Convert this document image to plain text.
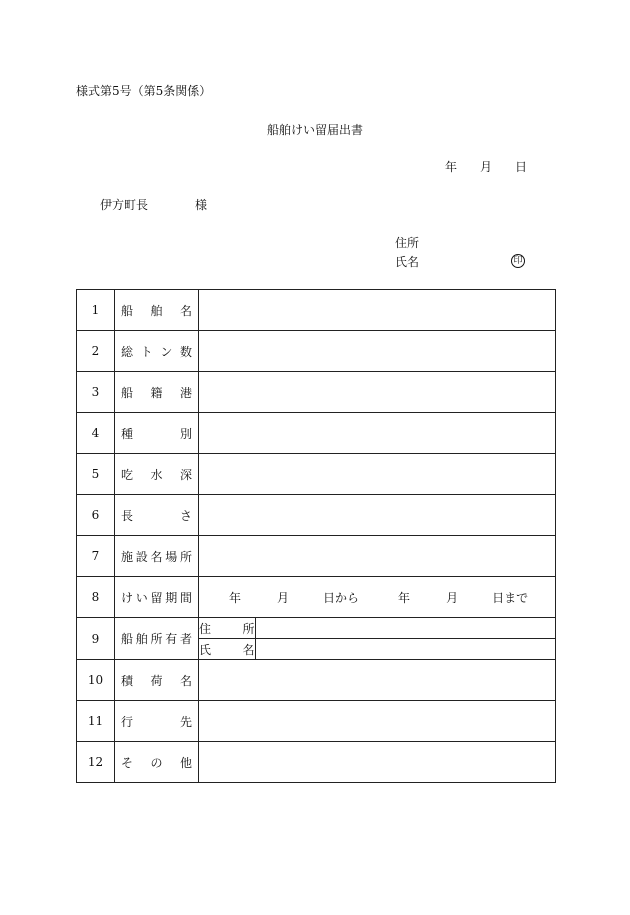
様式第5号（第5条関係）
船舶けい留届出書
年 月 日
伊方町長	様
住所
氏名	印
1	船 舶 名

2	総 ト ン 数

3	船 籍 港

4	種	別

5	吃 水 深

6	長	さ

7	施 設 名 場 所

8	け い 留 期 間	年	月	日から	年	月	日まで

9	船 舶 所 有 者

住	所

氏	名

10	積 荷 名

11	行	先

12	そ の 他
